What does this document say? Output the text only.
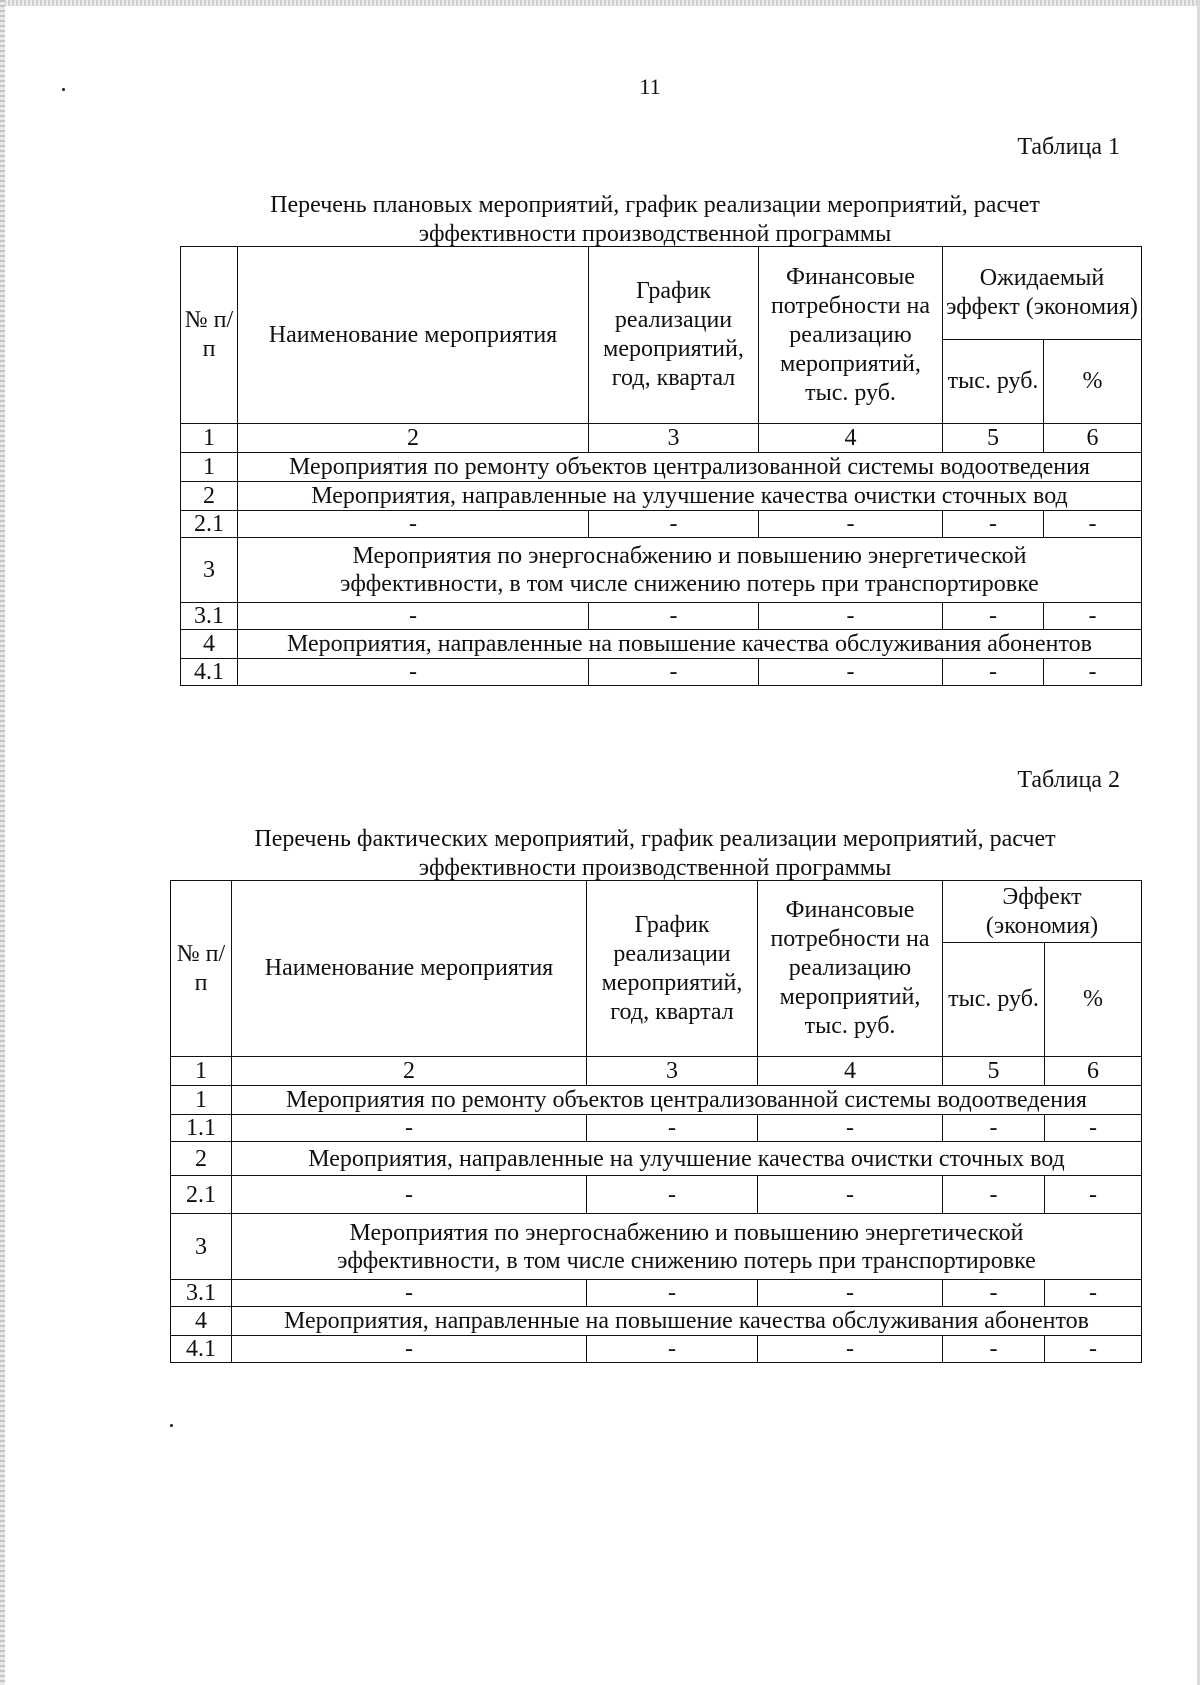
11
Таблица 1
Перечень плановых мероприятий, график реализации мероприятий, расчет
эффективности производственной программы
№ п/ п	Наименование мероприятия	График реализации мероприятий, год, квартал	Финансовые потребности на реализацию мероприятий, тыс. руб.	Ожидаемый эффект (экономия)	
				тыс. руб.	%
1	2	3	4	5	6
1	Мероприятия по ремонту объектов централизованной системы водоотведения				
2	Мероприятия, направленные на улучшение качества очистки сточных вод				
2.1	-	-	-	-	-
3	Мероприятия по энергоснабжению и повышению энергетической
эффективности, в том числе снижению потерь при транспортировке				

3.1	-	-	-	-	-
4	Мероприятия, направленные на повышение качества обслуживания абонентов				
4.1	-	-	-	-	-
Таблица 2
Перечень фактических мероприятий, график реализации мероприятий, расчет
эффективности производственной программы
№ п/ п	Наименование мероприятия	График реализации мероприятий, год, квартал	Финансовые потребности на реализацию мероприятий, тыс. руб.	Эффект (экономия)	
				тыс. руб.	%
1	2	3	4	5	6
1	Мероприятия по ремонту объектов централизованной системы водоотведения				
1.1	-	-	-	-	-
2	Мероприятия, направленные на улучшение качества очистки сточных вод				
2.1	-	-	-	-	-
3	Мероприятия по энергоснабжению и повышению энергетической
эффективности, в том числе снижению потерь при транспортировке				

3.1	-	-	-	-	-
4	Мероприятия, направленные на повышение качества обслуживания абонентов				
4.1	-	-	-	-	-
